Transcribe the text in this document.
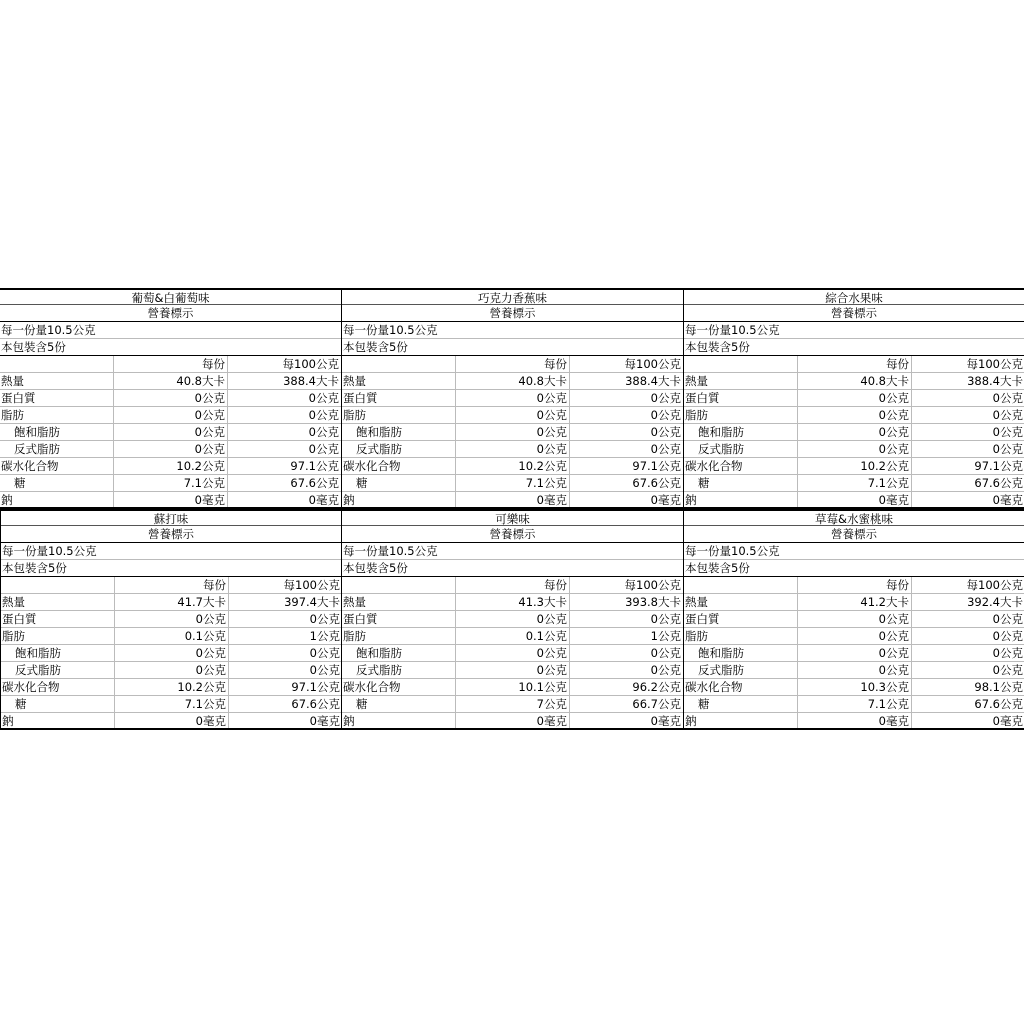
葡萄&白葡萄味
營養標示
每一份量10.5公克
本包裝含5份
每份	每100公克
熱量	40.8大卡	388.4大卡
蛋白質	0公克	0公克
脂肪	0公克	0公克
飽和脂肪	0公克	0公克
反式脂肪	0公克	0公克
碳水化合物	10.2公克	97.1公克
糖	7.1公克	67.6公克
鈉	0毫克	0毫克
巧克力香蕉味
營養標示
每一份量10.5公克
本包裝含5份
每份	每100公克
熱量	40.8大卡	388.4大卡
蛋白質	0公克	0公克
脂肪	0公克	0公克
飽和脂肪	0公克	0公克
反式脂肪	0公克	0公克
碳水化合物	10.2公克	97.1公克
糖	7.1公克	67.6公克
鈉	0毫克	0毫克
綜合水果味
營養標示
每一份量10.5公克
本包裝含5份
每份	每100公克
熱量	40.8大卡	388.4大卡
蛋白質	0公克	0公克
脂肪	0公克	0公克
飽和脂肪	0公克	0公克
反式脂肪	0公克	0公克
碳水化合物	10.2公克	97.1公克
糖	7.1公克	67.6公克
鈉	0毫克	0毫克
蘇打味
營養標示
每一份量10.5公克
本包裝含5份
每份	每100公克
熱量	41.7大卡	397.4大卡
蛋白質	0公克	0公克
脂肪	0.1公克	1公克
飽和脂肪	0公克	0公克
反式脂肪	0公克	0公克
碳水化合物	10.2公克	97.1公克
糖	7.1公克	67.6公克
鈉	0毫克	0毫克
可樂味
營養標示
每一份量10.5公克
本包裝含5份
每份	每100公克
熱量	41.3大卡	393.8大卡
蛋白質	0公克	0公克
脂肪	0.1公克	1公克
飽和脂肪	0公克	0公克
反式脂肪	0公克	0公克
碳水化合物	10.1公克	96.2公克
糖	7公克	66.7公克
鈉	0毫克	0毫克
草莓&水蜜桃味
營養標示
每一份量10.5公克
本包裝含5份
每份	每100公克
熱量	41.2大卡	392.4大卡
蛋白質	0公克	0公克
脂肪	0公克	0公克
飽和脂肪	0公克	0公克
反式脂肪	0公克	0公克
碳水化合物	10.3公克	98.1公克
糖	7.1公克	67.6公克
鈉	0毫克	0毫克
